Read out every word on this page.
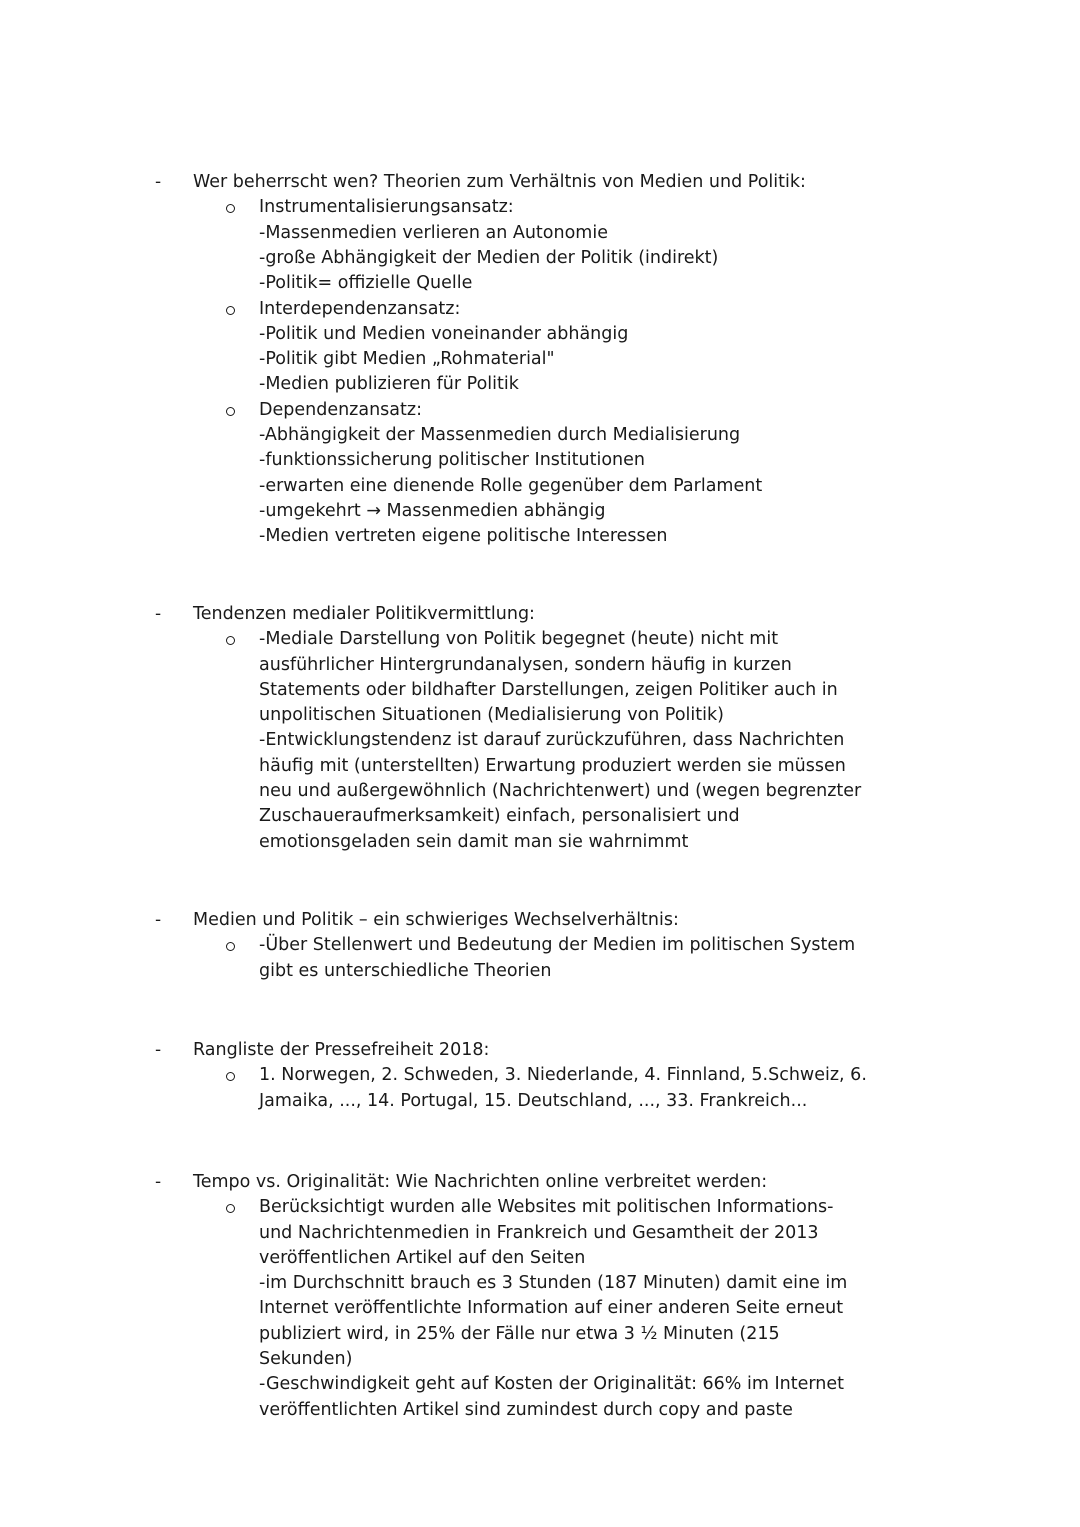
- Wer beherrscht wen? Theorien zum Verhältnis von Medien und Politik:
Instrumentalisierungsansatz:
-Massenmedien verlieren an Autonomie
-große Abhängigkeit der Medien der Politik (indirekt)
-Politik= offizielle Quelle
Interdependenzansatz:
-Politik und Medien voneinander abhängig
-Politik gibt Medien „Rohmaterial"
-Medien publizieren für Politik
Dependenzansatz:
-Abhängigkeit der Massenmedien durch Medialisierung
-funktionssicherung politischer Institutionen
-erwarten eine dienende Rolle gegenüber dem Parlament
-umgekehrt → Massenmedien abhängig
-Medien vertreten eigene politische Interessen
- Tendenzen medialer Politikvermittlung:
-Mediale Darstellung von Politik begegnet (heute) nicht mit
ausführlicher Hintergrundanalysen, sondern häufig in kurzen
Statements oder bildhafter Darstellungen, zeigen Politiker auch in
unpolitischen Situationen (Medialisierung von Politik)
-Entwicklungstendenz ist darauf zurückzuführen, dass Nachrichten
häufig mit (unterstellten) Erwartung produziert werden sie müssen
neu und außergewöhnlich (Nachrichtenwert) und (wegen begrenzter
Zuschaueraufmerksamkeit) einfach, personalisiert und
emotionsgeladen sein damit man sie wahrnimmt
- Medien und Politik – ein schwieriges Wechselverhältnis:
-Über Stellenwert und Bedeutung der Medien im politischen System
gibt es unterschiedliche Theorien
- Rangliste der Pressefreiheit 2018:
1. Norwegen, 2. Schweden, 3. Niederlande, 4. Finnland, 5.Schweiz, 6.
Jamaika, ..., 14. Portugal, 15. Deutschland, ..., 33. Frankreich...
- Tempo vs. Originalität: Wie Nachrichten online verbreitet werden:
Berücksichtigt wurden alle Websites mit politischen Informations-
und Nachrichtenmedien in Frankreich und Gesamtheit der 2013
veröffentlichen Artikel auf den Seiten
-im Durchschnitt brauch es 3 Stunden (187 Minuten) damit eine im
Internet veröffentlichte Information auf einer anderen Seite erneut
publiziert wird, in 25% der Fälle nur etwa 3 ½ Minuten (215
Sekunden)
-Geschwindigkeit geht auf Kosten der Originalität: 66% im Internet
veröffentlichten Artikel sind zumindest durch copy and paste
